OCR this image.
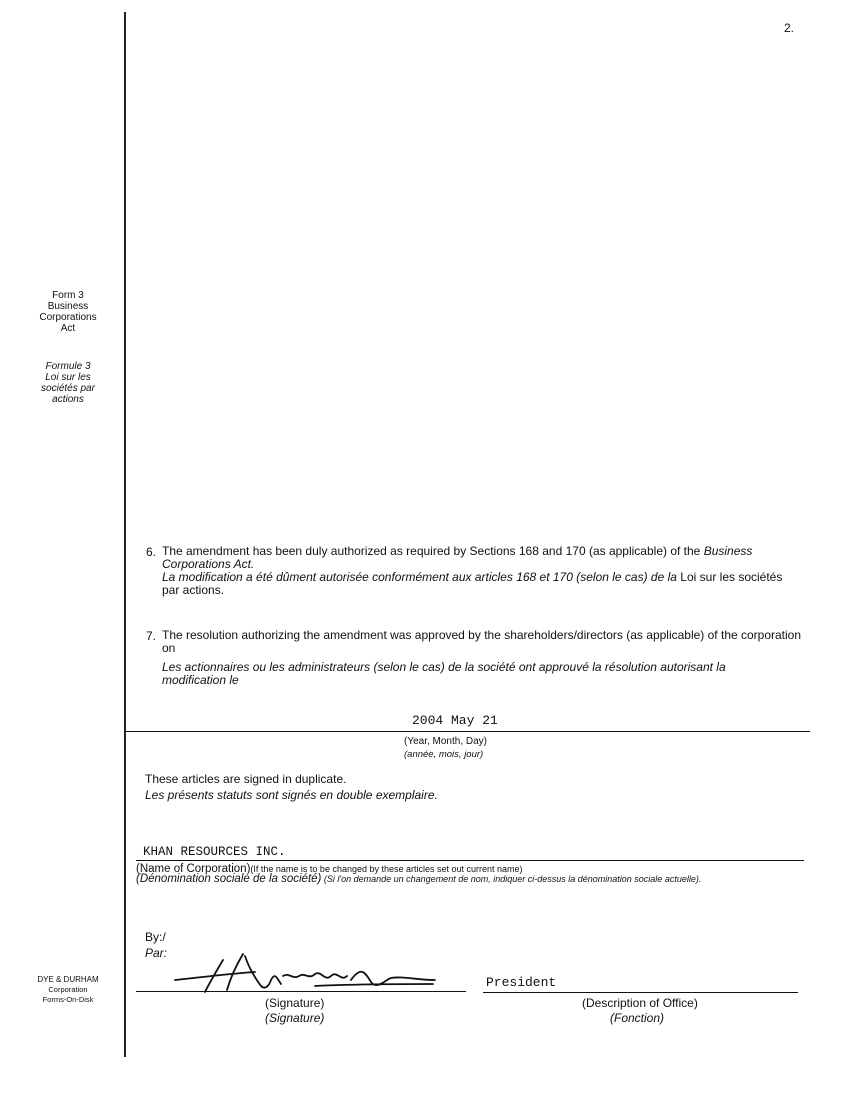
2.
Form 3
Business
Corporations
Act
Formule 3
Loi sur les
sociétés par
actions
6. The amendment has been duly authorized as required by Sections 168 and 170 (as applicable) of the Business Corporations Act.
La modification a été dûment autorisée conformément aux articles 168 et 170 (selon le cas) de la Loi sur les sociétés par actions.
7. The resolution authorizing the amendment was approved by the shareholders/directors (as applicable) of the corporation on
Les actionnaires ou les administrateurs (selon le cas) de la société ont approuvé la résolution autorisant la modification le
2004 May 21
(Year, Month, Day)
(année, mois, jour)
These articles are signed in duplicate.
Les présents statuts sont signés en double exemplaire.
KHAN RESOURCES INC.
(Name of Corporation)(If the name is to be changed by these articles set out current name)
(Dénomination sociale de la société) (Si l'on demande un changement de nom, indiquer ci-dessus la dénomination sociale actuelle).
By:/
Par:
(Signature)
(Signature)
President
(Description of Office)
(Fonction)
DYE & DURHAM
Corporation
Forms-On-Disk
